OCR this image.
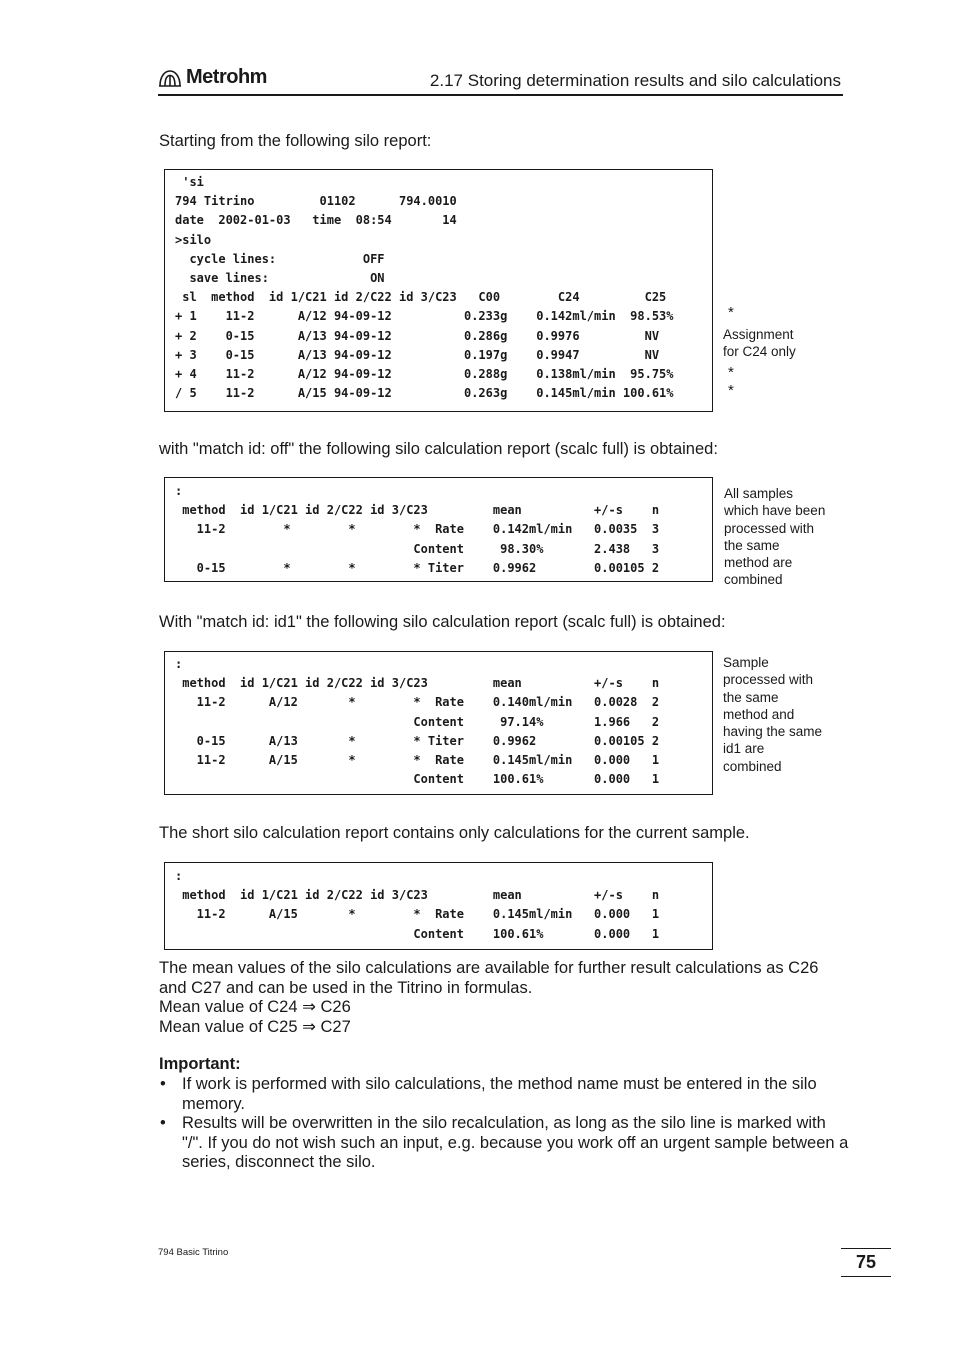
Metrohm	2.17 Storing determination results and silo calculations
Starting from the following silo report:
'si
794 Titrino         01102      794.0010
date  2002-01-03   time  08:54       14
>silo
cycle lines:            OFF
save lines:              ON
sl  method  id 1/C21 id 2/C22 id 3/C23   C00        C24         C25
+ 1    11-2      A/12 94-09-12          0.233g    0.142ml/min  98.53%
+ 2    0-15      A/13 94-09-12          0.286g    0.9976         NV
+ 3    0-15      A/13 94-09-12          0.197g    0.9947         NV
+ 4    11-2      A/12 94-09-12          0.288g    0.138ml/min  95.75%
/ 5    11-2      A/15 94-09-12          0.263g    0.145ml/min 100.61%
*
Assignment
for C24 only
*
*
with "match id: off" the following silo calculation report (scalc full) is obtained:
:
method  id 1/C21 id 2/C22 id 3/C23         mean          +/-s    n
11-2        *        *        *  Rate    0.142ml/min   0.0035  3
Content     98.30%       2.438   3
0-15        *        *        * Titer    0.9962        0.00105 2
All samples
which have been
processed with
the same
method are
combined
With "match id: id1" the following silo calculation report (scalc full) is obtained:
:
method  id 1/C21 id 2/C22 id 3/C23         mean          +/-s    n
11-2      A/12       *        *  Rate    0.140ml/min   0.0028  2
Content     97.14%       1.966   2
0-15      A/13       *        * Titer    0.9962        0.00105 2
11-2      A/15       *        *  Rate    0.145ml/min   0.000   1
Content    100.61%       0.000   1
Sample
processed with
the same
method and
having the same
id1 are
combined
The short silo calculation report contains only calculations for the current sample.
:
method  id 1/C21 id 2/C22 id 3/C23         mean          +/-s    n
11-2      A/15       *        *  Rate    0.145ml/min   0.000   1
Content    100.61%       0.000   1
The mean values of the silo calculations are available for further result calculations as C26
and C27 and can be used in the Titrino in formulas.
Mean value of C24 ⇒ C26
Mean value of C25 ⇒ C27
Important:
• If work is performed with silo calculations, the method name must be entered in the silo memory.
• Results will be overwritten in the silo recalculation, as long as the silo line is marked with "/". If you do not wish such an input, e.g. because you work off an urgent sample between a series, disconnect the silo.
794 Basic Titrino	75
